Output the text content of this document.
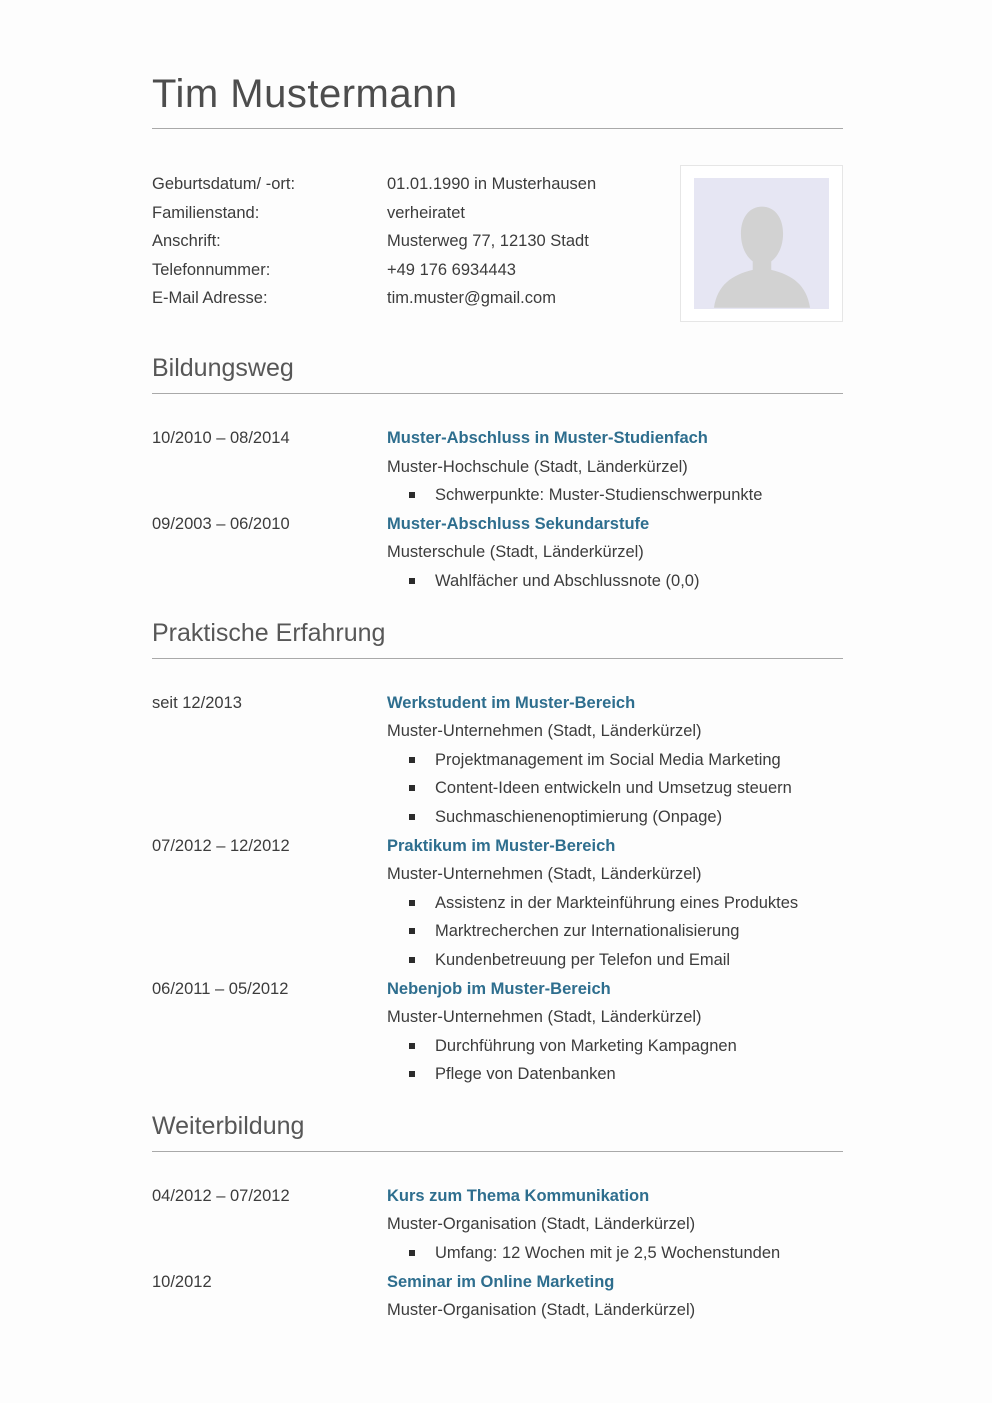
Tim Mustermann
Geburtsdatum/ -ort:	01.01.1990 in Musterhausen
Familienstand:	verheiratet
Anschrift:	Musterweg 77, 12130 Stadt
Telefonnummer:	+49 176 6934443
E-Mail Adresse:	tim.muster@gmail.com
Bildungsweg
10/2010 – 08/2014	Muster-Abschluss in Muster-Studienfach
Muster-Hochschule (Stadt, Länderkürzel)
Schwerpunkte: Muster-Studienschwerpunkte
09/2003 – 06/2010	Muster-Abschluss Sekundarstufe
Musterschule (Stadt, Länderkürzel)
Wahlfächer und Abschlussnote (0,0)
Praktische Erfahrung
seit 12/2013	Werkstudent im Muster-Bereich
Muster-Unternehmen (Stadt, Länderkürzel)
Projektmanagement im Social Media Marketing
Content-Ideen entwickeln und Umsetzug steuern
Suchmaschienenoptimierung (Onpage)
07/2012 – 12/2012	Praktikum im Muster-Bereich
Muster-Unternehmen (Stadt, Länderkürzel)
Assistenz in der Markteinführung eines Produktes
Marktrecherchen zur Internationalisierung
Kundenbetreuung per Telefon und Email
06/2011 – 05/2012	Nebenjob im Muster-Bereich
Muster-Unternehmen (Stadt, Länderkürzel)
Durchführung von Marketing Kampagnen
Pflege von Datenbanken
Weiterbildung
04/2012 – 07/2012	Kurs zum Thema Kommunikation
Muster-Organisation (Stadt, Länderkürzel)
Umfang: 12 Wochen mit je 2,5 Wochenstunden
10/2012	Seminar im Online Marketing
Muster-Organisation (Stadt, Länderkürzel)
